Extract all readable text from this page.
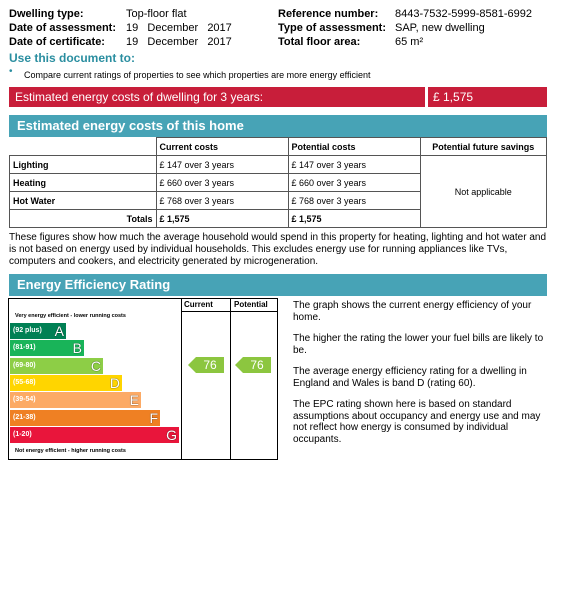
Dwelling type:	Top-floor flat
Date of assessment: 19   December   2017
Date of certificate: 19   December   2017
Reference number: 8443-7532-5999-8581-6992
Type of assessment: SAP, new dwelling
Total floor area:	65 m²
Use this document to:
• Compare current ratings of properties to see which properties are more energy efficient
Estimated energy costs of dwelling for 3 years:	£ 1,575
Estimated energy costs of this home
	Current costs	Potential costs	Potential future savings
Lighting	£ 147 over 3 years	£ 147 over 3 years	Not applicable
Heating	£ 660 over 3 years	£ 660 over 3 years	
Hot Water	£ 768 over 3 years	£ 768 over 3 years	
Totals	£ 1,575	£ 1,575	
These figures show how much the average household would spend in this property for heating, lighting and hot water and is not based on energy used by individual households. This excludes energy use for running appliances like TVs, computers and cookers, and electricity generated by microgeneration.
Energy Efficiency Rating
Current	Potential
Very energy efficient - lower running costs
Not energy efficient - higher running costs
(92 plus) A
(81-91)	B
(69-80)	C
(55-68)	D
(39-54)	E
(21-38)	F
(1-20)	G
76	76

The graph shows the current energy efficiency of your home.

The higher the rating the lower your fuel bills are likely to be.

The average energy efficiency rating for a dwelling in England and Wales is band D (rating 60).

The EPC rating shown here is based on standard assumptions about occupancy and energy use and may not reflect how energy is consumed by individual occupants.
